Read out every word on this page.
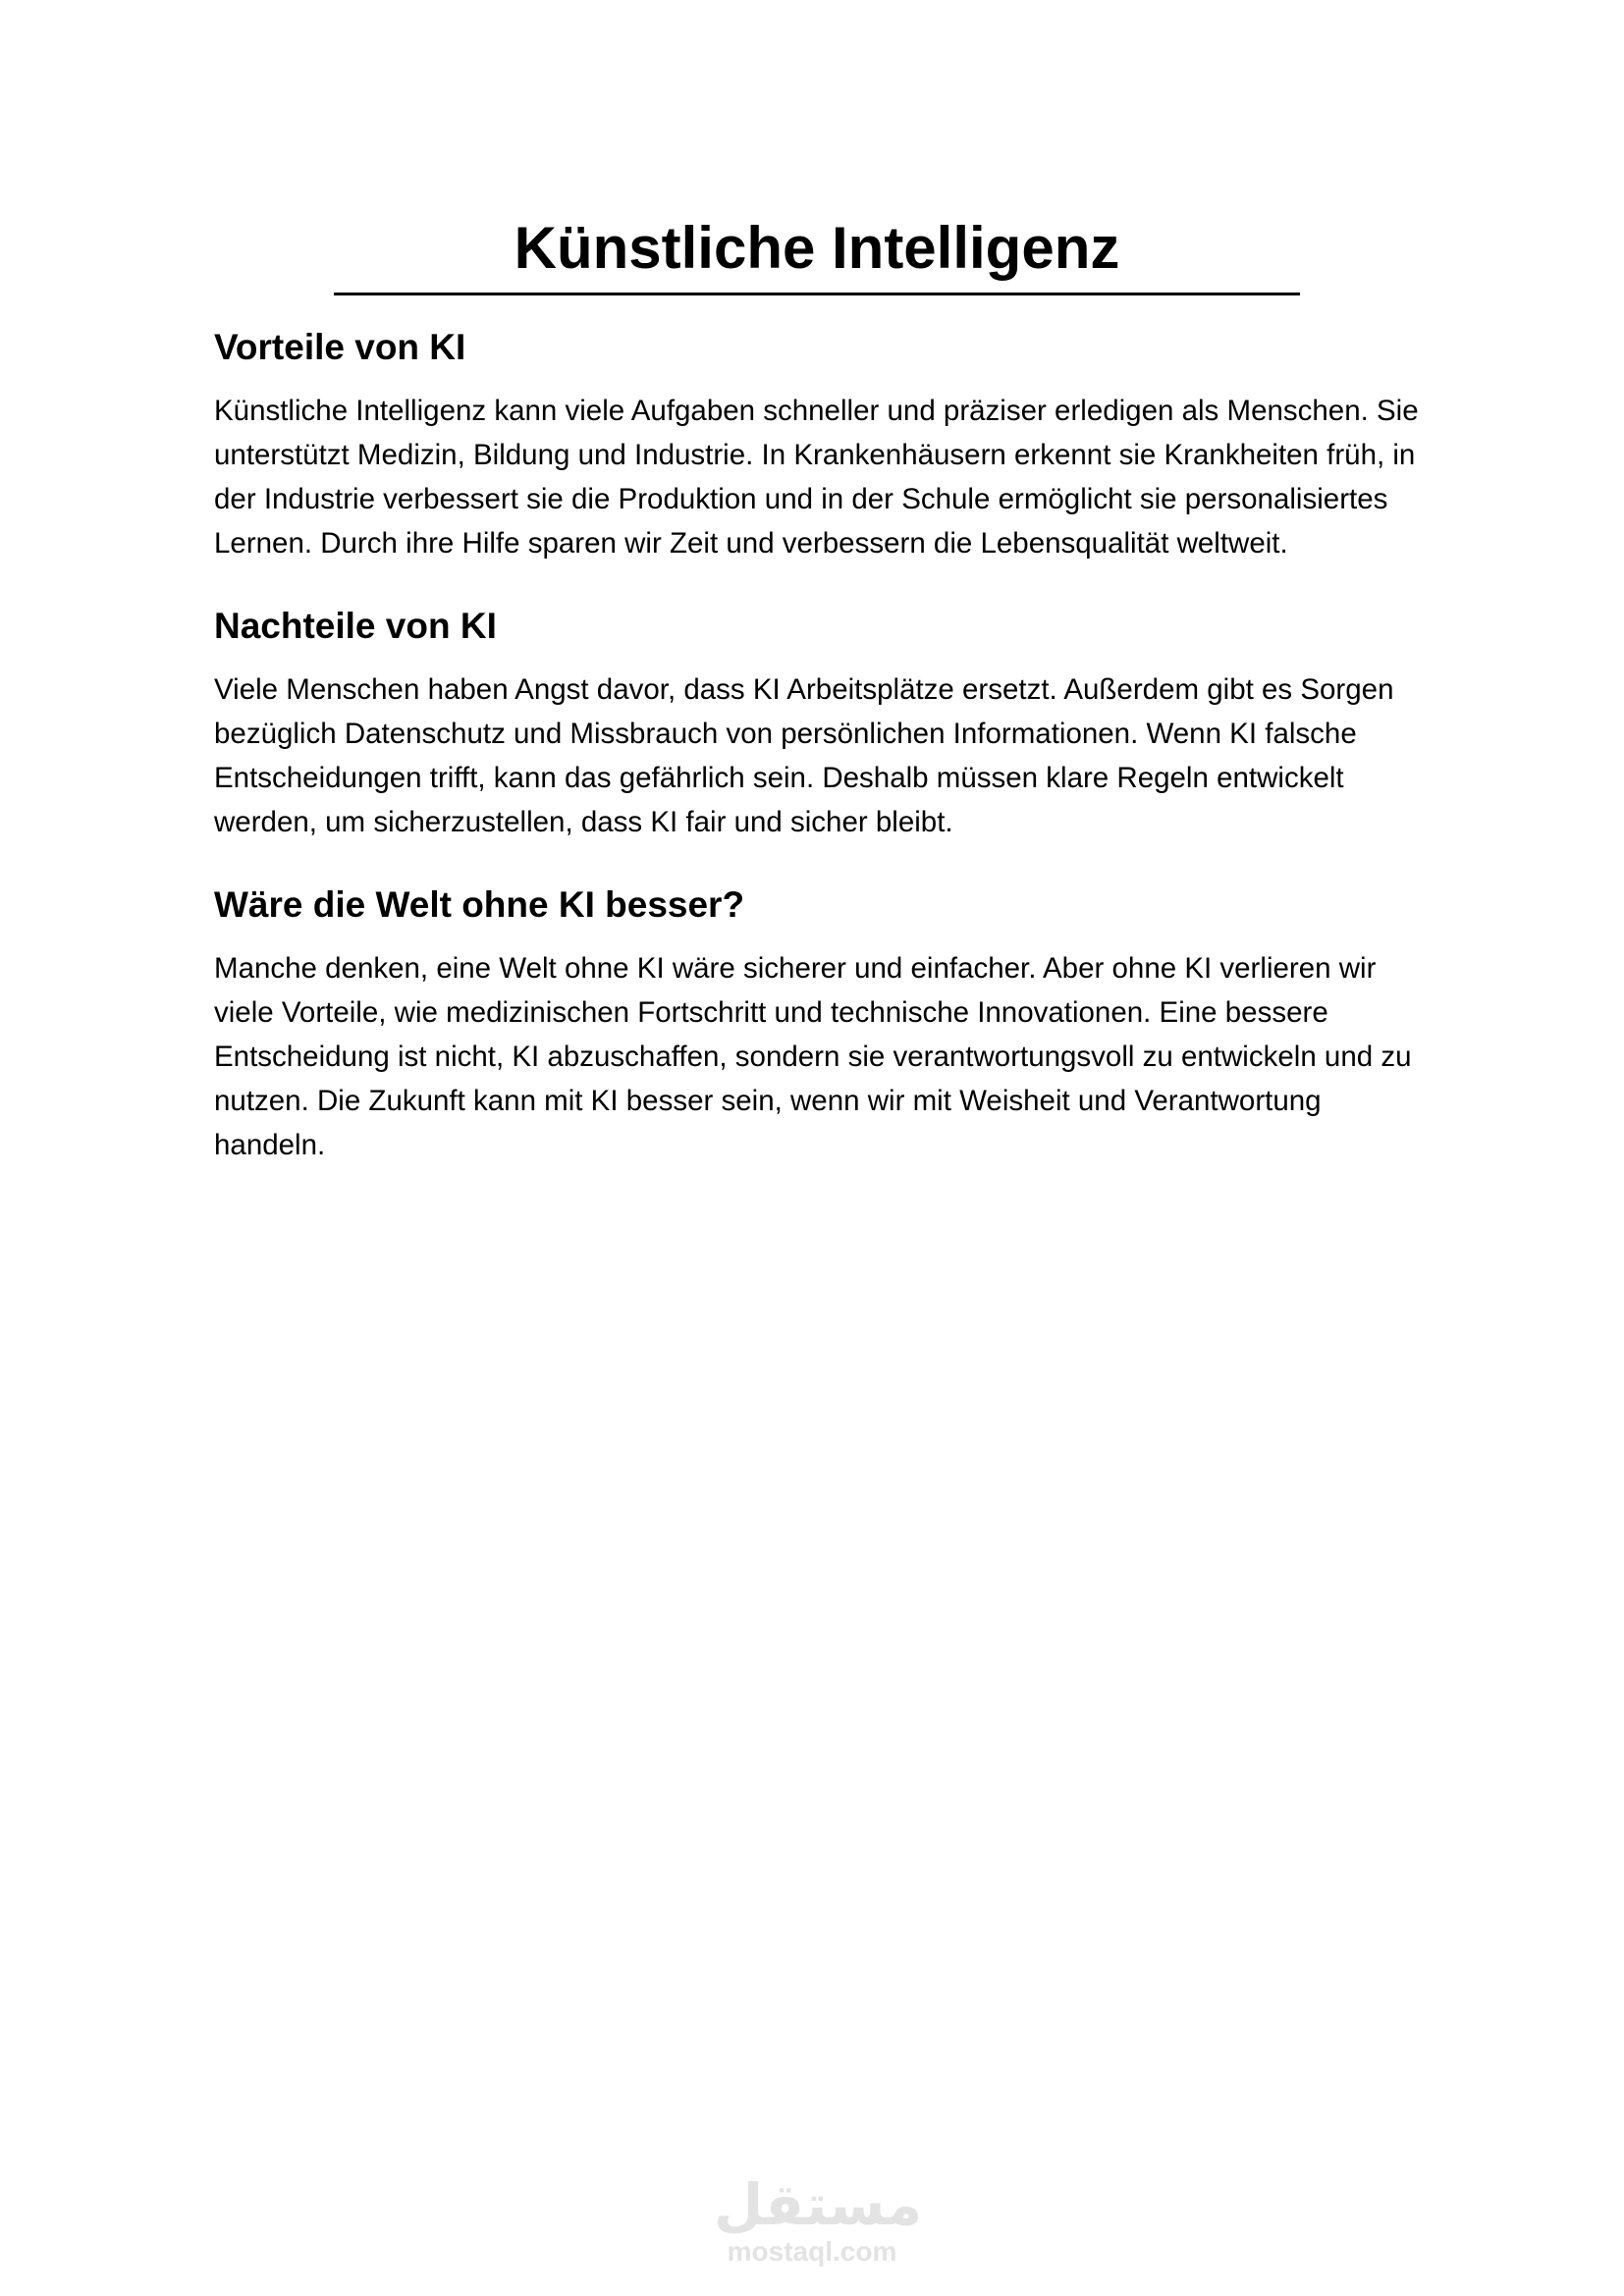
Künstliche Intelligenz
Vorteile von KI

Künstliche Intelligenz kann viele Aufgaben schneller und präziser erledigen als Menschen. Sie unterstützt Medizin, Bildung und Industrie. In Krankenhäusern erkennt sie Krankheiten früh, in der Industrie verbessert sie die Produktion und in der Schule ermöglicht sie personalisiertes Lernen. Durch ihre Hilfe sparen wir Zeit und verbessern die Lebensqualität weltweit.

Nachteile von KI

Viele Menschen haben Angst davor, dass KI Arbeitsplätze ersetzt. Außerdem gibt es Sorgen bezüglich Datenschutz und Missbrauch von persönlichen Informationen. Wenn KI falsche Entscheidungen trifft, kann das gefährlich sein. Deshalb müssen klare Regeln entwickelt werden, um sicherzustellen, dass KI fair und sicher bleibt.

Wäre die Welt ohne KI besser?

Manche denken, eine Welt ohne KI wäre sicherer und einfacher. Aber ohne KI verlieren wir viele Vorteile, wie medizinischen Fortschritt und technische Innovationen. Eine bessere Entscheidung ist nicht, KI abzuschaffen, sondern sie verantwortungsvoll zu entwickeln und zu nutzen. Die Zukunft kann mit KI besser sein, wenn wir mit Weisheit und Verantwortung handeln.

مستقل
mostaql.com
